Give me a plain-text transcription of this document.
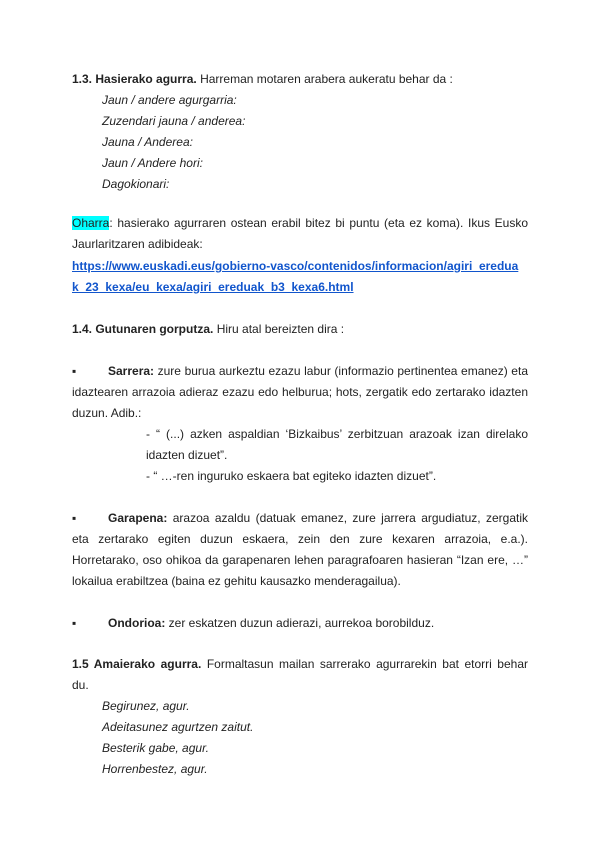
1.3. Hasierako agurra. Harreman motaren arabera aukeratu behar da :

Jaun / andere agurgarria:

Zuzendari jauna / anderea:

Jauna / Anderea:

Jaun / Andere hori:

Dagokionari:

Oharra: hasierako agurraren ostean erabil bitez bi puntu (eta ez koma). Ikus Eusko Jaurlaritzaren adibideak:

https://www.euskadi.eus/gobierno-vasco/contenidos/informacion/agiri_eredua
k_23_kexa/eu_kexa/agiri_ereduak_b3_kexa6.html

1.4. Gutunaren gorputza. Hiru atal bereizten dira :

▪	Sarrera: zure burua aurkeztu ezazu labur (informazio pertinentea emanez) eta idaztearen arrazoia adieraz ezazu edo helburua; hots, zergatik edo zertarako idazten duzun. Adib.:

- “ (...) azken aspaldian ‘Bizkaibus’ zerbitzuan arazoak izan direlako idazten dizuet”.

- “ …-ren inguruko eskaera bat egiteko idazten dizuet”.

▪	Garapena: arazoa azaldu (datuak emanez, zure jarrera argudiatuz, zergatik eta zertarako egiten duzun eskaera, zein den zure kexaren arrazoia, e.a.). Horretarako, oso ohikoa da garapenaren lehen paragrafoaren hasieran “Izan ere, …” lokailua erabiltzea (baina ez gehitu kausazko menderagailua).

▪	Ondorioa: zer eskatzen duzun adierazi, aurrekoa borobilduz.

1.5 Amaierako agurra. Formaltasun mailan sarrerako agurrarekin bat etorri behar du.

Begirunez, agur.

Adeitasunez agurtzen zaitut.

Besterik gabe, agur.

Horrenbestez, agur.
